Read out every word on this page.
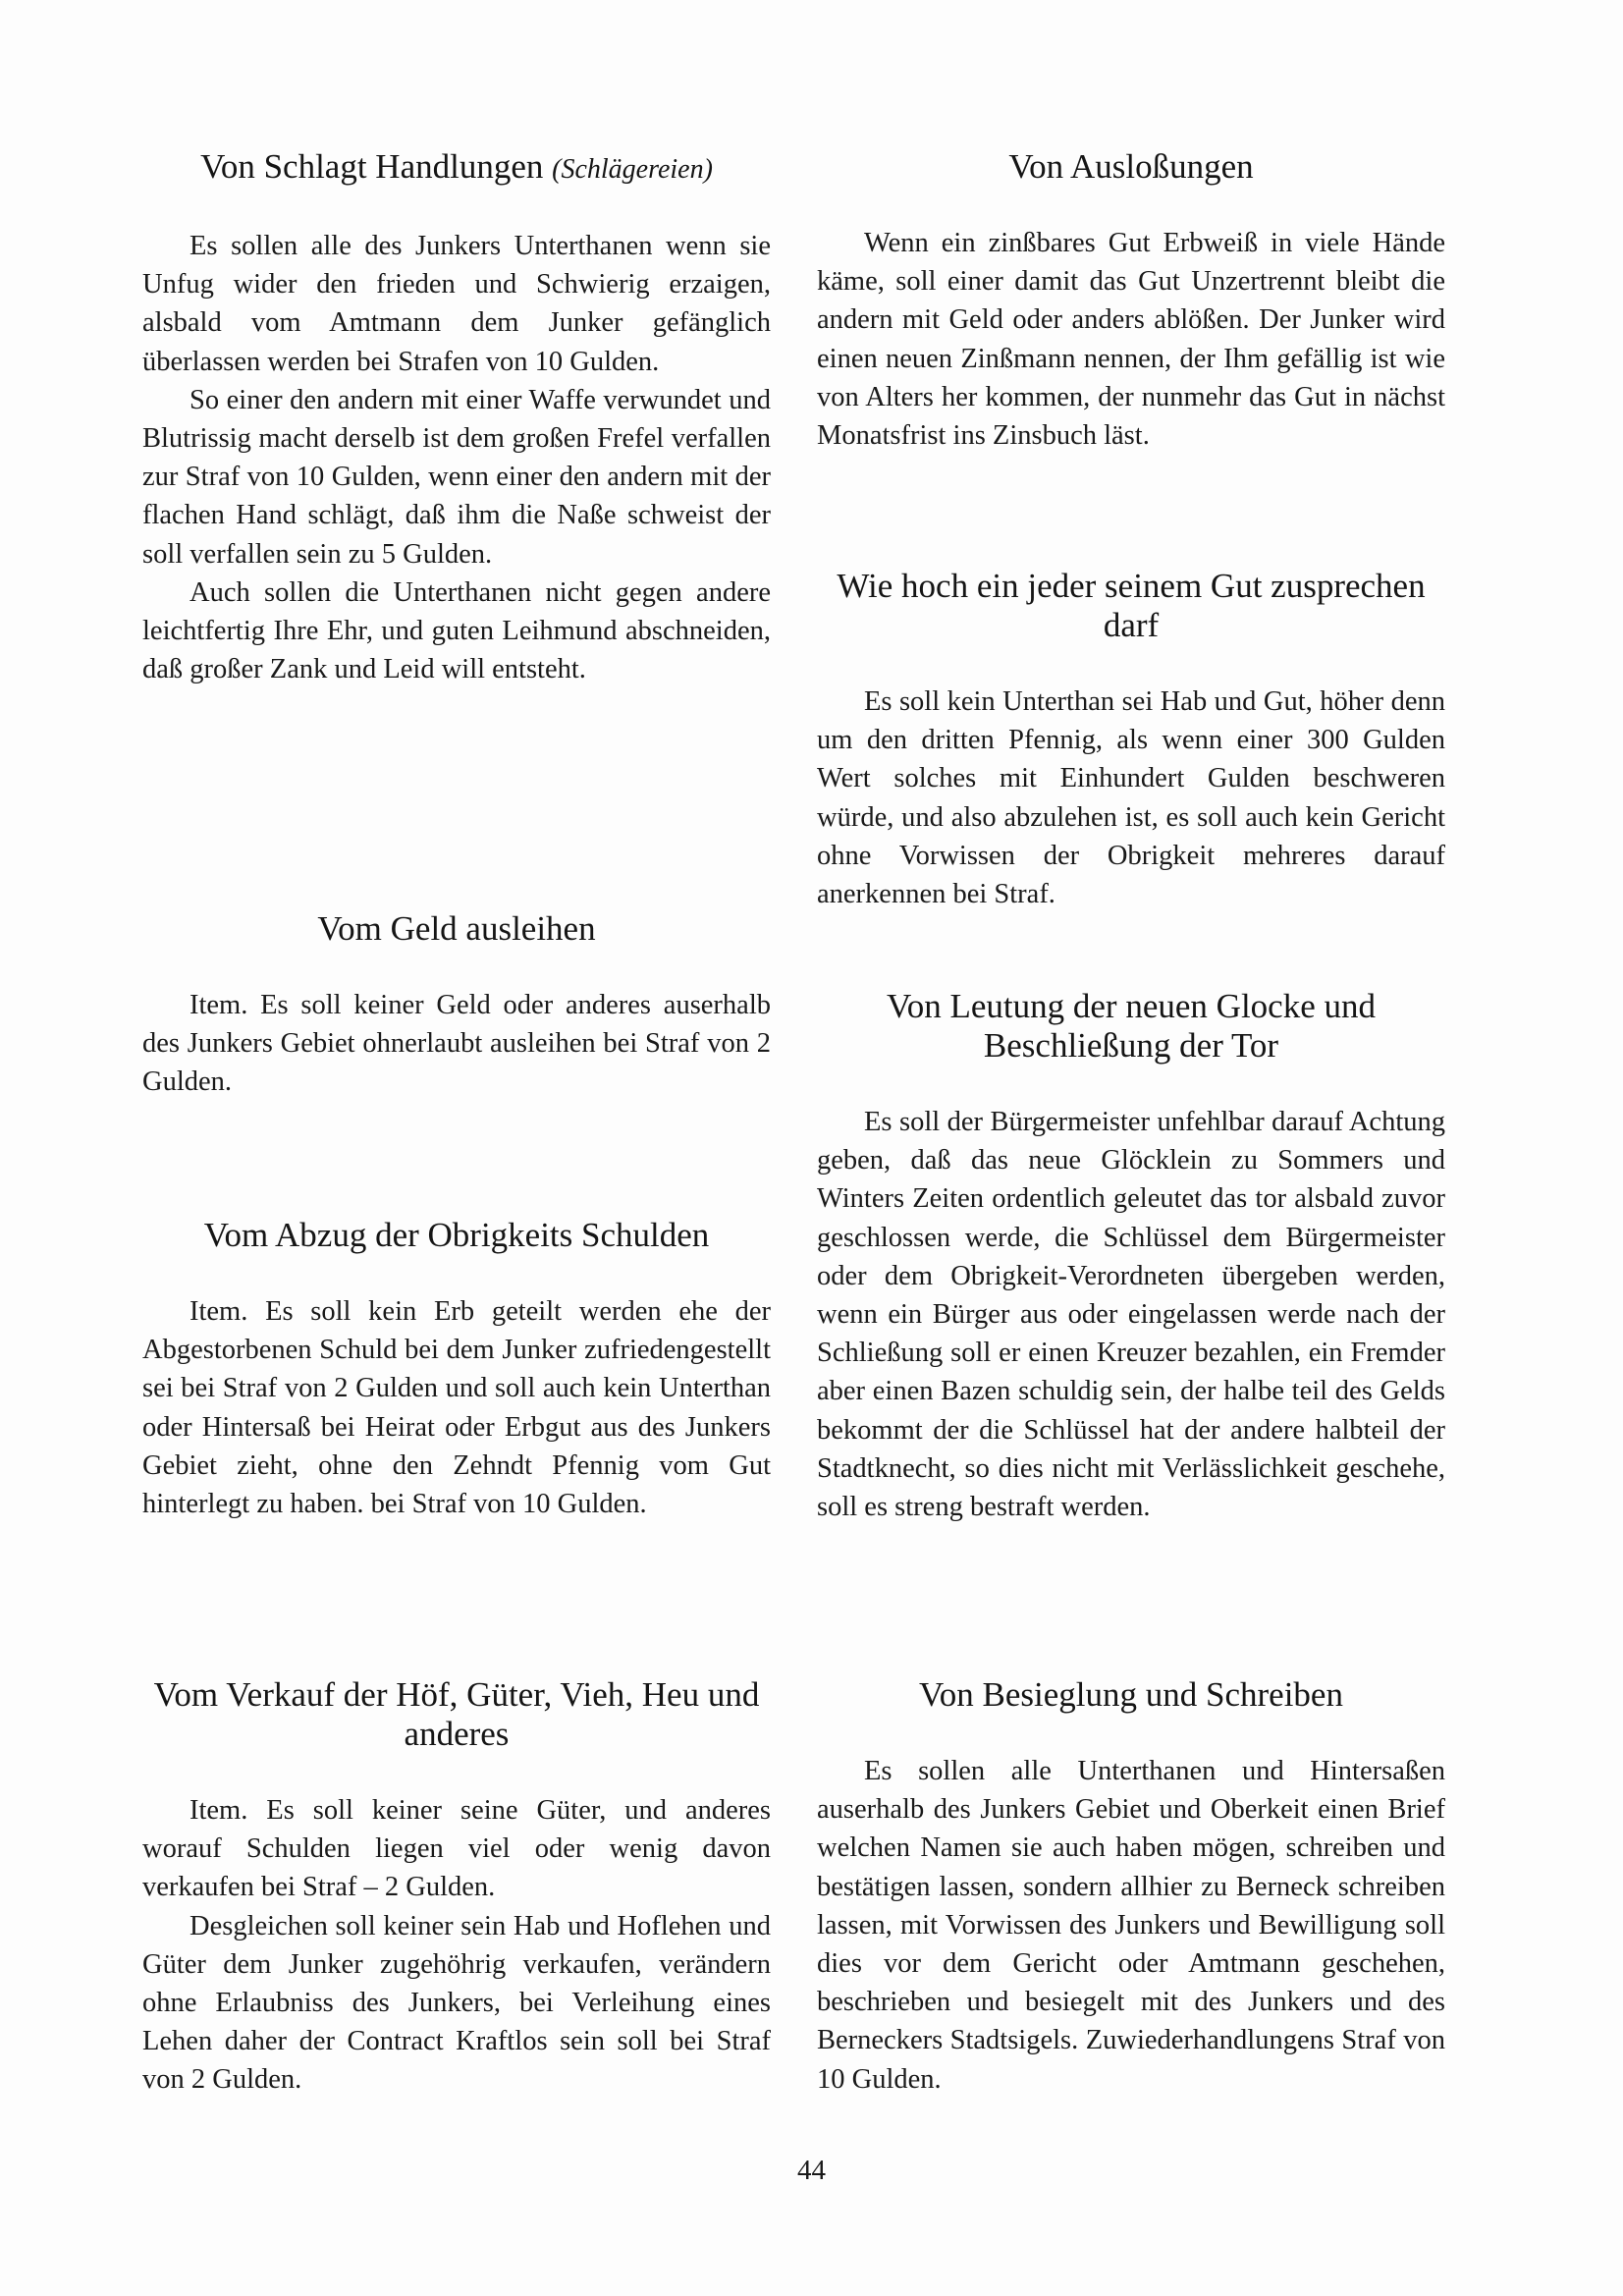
Von Schlagt Handlungen (Schlägereien)

Es sollen alle des Junkers Unterthanen wenn sie Unfug wider den frieden und Schwierig erzaigen, alsbald vom Amtmann dem Junker gefänglich überlassen werden bei Strafen von 10 Gulden.

So einer den andern mit einer Waffe verwundet und Blutrissig macht derselb ist dem großen Frefel verfallen zur Straf von 10 Gulden, wenn einer den andern mit der flachen Hand schlägt, daß ihm die Naße schweist der soll verfallen sein zu 5 Gulden.

Auch sollen die Unterthanen nicht gegen andere leichtfertig Ihre Ehr, und guten Leihmund abschneiden, daß großer Zank und Leid will entsteht.

Vom Geld ausleihen

Item. Es soll keiner Geld oder anderes auserhalb des Junkers Gebiet ohnerlaubt ausleihen bei Straf von 2 Gulden.

Vom Abzug der Obrigkeits Schulden

Item. Es soll kein Erb geteilt werden ehe der Abgestorbenen Schuld bei dem Junker zufriedengestellt sei bei Straf von 2 Gulden und soll auch kein Unterthan oder Hintersaß bei Heirat oder Erbgut aus des Junkers Gebiet zieht, ohne den Zehndt Pfennig vom Gut hinterlegt zu haben. bei Straf von 10 Gulden.

Vom Verkauf der Höf, Güter, Vieh, Heu und anderes

Item. Es soll keiner seine Güter, und anderes worauf Schulden liegen viel oder wenig davon verkaufen bei Straf – 2 Gulden.

Desgleichen soll keiner sein Hab und Hoflehen und Güter dem Junker zugehöhrig verkaufen, verändern ohne Erlaubniss des Junkers, bei Verleihung eines Lehen daher der Contract Kraftlos sein soll bei Straf von 2 Gulden.

Von Ausloßungen

Wenn ein zinßbares Gut Erbweiß in viele Hände käme, soll einer damit das Gut Unzertrennt bleibt die andern mit Geld oder anders ablößen. Der Junker wird einen neuen Zinßmann nennen, der Ihm gefällig ist wie von Alters her kommen, der nunmehr das Gut in nächst Monatsfrist ins Zinsbuch läst.

Wie hoch ein jeder seinem Gut zusprechen darf

Es soll kein Unterthan sei Hab und Gut, höher denn um den dritten Pfennig, als wenn einer 300 Gulden Wert solches mit Einhundert Gulden beschweren würde, und also abzulehen ist, es soll auch kein Gericht ohne Vorwissen der Obrigkeit mehreres darauf anerkennen bei Straf.

Von Leutung der neuen Glocke und Beschließung der Tor

Es soll der Bürgermeister unfehlbar darauf Achtung geben, daß das neue Glöcklein zu Sommers und Winters Zeiten ordentlich geleutet das tor alsbald zuvor geschlossen werde, die Schlüssel dem Bürgermeister oder dem Obrigkeit-Verordneten übergeben werden, wenn ein Bürger aus oder eingelassen werde nach der Schließung soll er einen Kreuzer bezahlen, ein Fremder aber einen Bazen schuldig sein, der halbe teil des Gelds bekommt der die Schlüssel hat der andere halbteil der Stadtknecht, so dies nicht mit Verlässlichkeit geschehe, soll es streng bestraft werden.

Von Besieglung und Schreiben

Es sollen alle Unterthanen und Hintersaßen auserhalb des Junkers Gebiet und Oberkeit einen Brief welchen Namen sie auch haben mögen, schreiben und bestätigen lassen, sondern allhier zu Berneck schreiben lassen, mit Vorwissen des Junkers und Bewilligung soll dies vor dem Gericht oder Amtmann geschehen, beschrieben und besiegelt mit des Junkers und des Berneckers Stadtsigels. Zuwiederhandlungens Straf von 10 Gulden.

44
